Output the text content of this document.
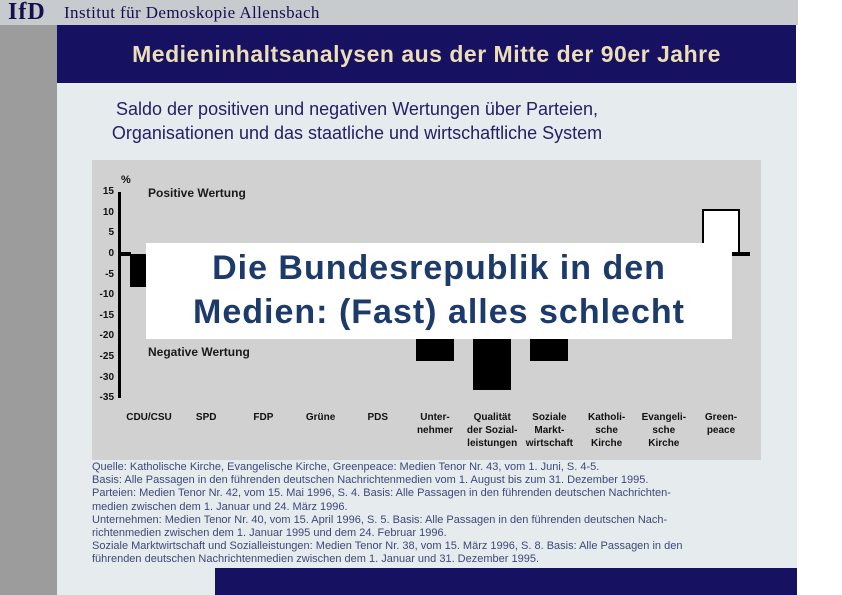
IfD Institut für Demoskopie Allensbach
Medieninhaltsanalysen aus der Mitte der 90er Jahre
Saldo der positiven und negativen Wertungen über Parteien,
Organisationen und das staatliche und wirtschaftliche System
%
Positive Wertung
Negative Wertung
15
10
5
0
-5
-10
-15
-20
-25
-30
-35
CDU/CSU	SPD	FDP	Grüne	PDS	Unter-
nehmer
Qualität
der Sozial-
leistungen
Soziale
Markt-
wirtschaft
Katholi-
sche
Kirche
Evangeli-
sche
Kirche
Green-
peace
Die Bundesrepublik in den
Medien: (Fast) alles schlecht
Quelle: Katholische Kirche, Evangelische Kirche, Greenpeace: Medien Tenor Nr. 43, vom 1. Juni, S. 4-5.
Basis: Alle Passagen in den führenden deutschen Nachrichtenmedien vom 1. August bis zum 31. Dezember 1995.
Parteien: Medien Tenor Nr. 42, vom 15. Mai 1996, S. 4. Basis: Alle Passagen in den führenden deutschen Nachrichten-
medien zwischen dem 1. Januar und 24. März 1996.
Unternehmen: Medien Tenor Nr. 40, vom 15. April 1996, S. 5. Basis: Alle Passagen in den führenden deutschen Nach-
richtenmedien zwischen dem 1. Januar 1995 und dem 24. Februar 1996.
Soziale Marktwirtschaft und Sozialleistungen: Medien Tenor Nr. 38, vom 15. März 1996, S. 8. Basis: Alle Passagen in den
führenden deutschen Nachrichtenmedien zwischen dem 1. Januar und 31. Dezember 1995.
